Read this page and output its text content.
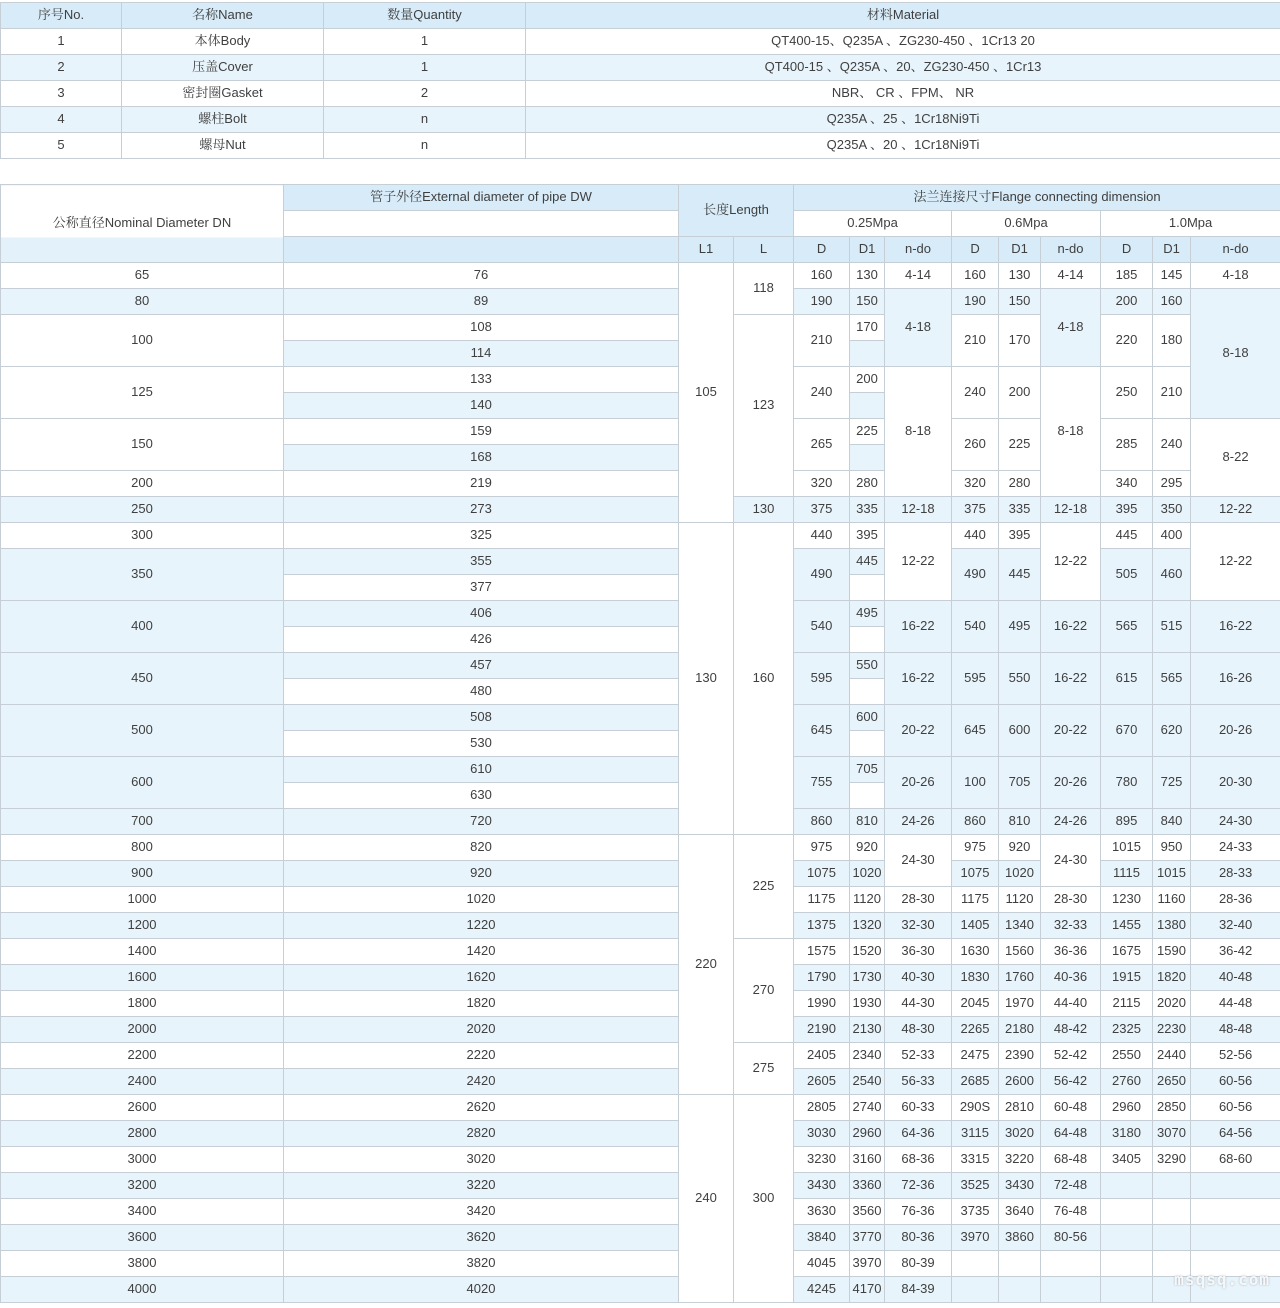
序号No.	名称Name	数量Quantity	材料Material
1	本体Body	1	QT400-15、Q235A 、ZG230-450 、1Cr13 20
2	压盖Cover	1	QT400-15 、Q235A 、20、ZG230-450 、1Cr13
3	密封圈Gasket	2	NBR、 CR 、FPM、 NR
4	螺柱Bolt	n	Q235A 、25 、1Cr18Ni9Ti
5	螺母Nut	n	Q235A 、20 、1Cr18Ni9Ti
公称直径Nominal Diameter DN	管子外径External diameter of pipe DW	长度Length		法兰连接尺寸Flange connecting dimension								
				0.25Mpa			0.6Mpa			1.0Mpa		
		L1	L	D	D1	n-do	D	D1	n-do	D	D1	n-do
65	76	105	118	160	130	4-14	160	130	4-14	185	145	4-18
80	89			190	150	4-18	190	150	4-18	200	160	8-18
100	108		123	210	170		210	170		220	180	
	114											
125	133			240	200	8-18	240	200	8-18	250	210	
	140											
150	159			265	225		260	225		285	240	8-22
	168											
200	219			320	280		320	280		340	295	
250	273		130	375	335	12-18	375	335	12-18	395	350	12-22
300	325	130	160	440	395	12-22	440	395	12-22	445	400	12-22
350	355			490	445		490	445		505	460	
	377											
400	406			540	495	16-22	540	495	16-22	565	515	16-22
	426											
450	457			595	550	16-22	595	550	16-22	615	565	16-26
	480											
500	508			645	600	20-22	645	600	20-22	670	620	20-26
	530											
600	610			755	705	20-26	100	705	20-26	780	725	20-30
	630											
700	720			860	810	24-26	860	810	24-26	895	840	24-30
800	820	220	225	975	920	24-30	975	920	24-30	1015	950	24-33
900	920			1075	1020		1075	1020		1115	1015	28-33
1000	1020			1175	1120	28-30	1175	1120	28-30	1230	1160	28-36
1200	1220			1375	1320	32-30	1405	1340	32-33	1455	1380	32-40
1400	1420		270	1575	1520	36-30	1630	1560	36-36	1675	1590	36-42
1600	1620			1790	1730	40-30	1830	1760	40-36	1915	1820	40-48
1800	1820			1990	1930	44-30	2045	1970	44-40	2115	2020	44-48
2000	2020			2190	2130	48-30	2265	2180	48-42	2325	2230	48-48
2200	2220		275	2405	2340	52-33	2475	2390	52-42	2550	2440	52-56
2400	2420			2605	2540	56-33	2685	2600	56-42	2760	2650	60-56
2600	2620	240	300	2805	2740	60-33	290S	2810	60-48	2960	2850	60-56
2800	2820			3030	2960	64-36	3115	3020	64-48	3180	3070	64-56
3000	3020			3230	3160	68-36	3315	3220	68-48	3405	3290	68-60
3200	3220			3430	3360	72-36	3525	3430	72-48			
3400	3420			3630	3560	76-36	3735	3640	76-48			
3600	3620			3840	3770	80-36	3970	3860	80-56			
3800	3820			4045	3970	80-39						
4000	4020			4245	4170	84-39							msqsq.com
